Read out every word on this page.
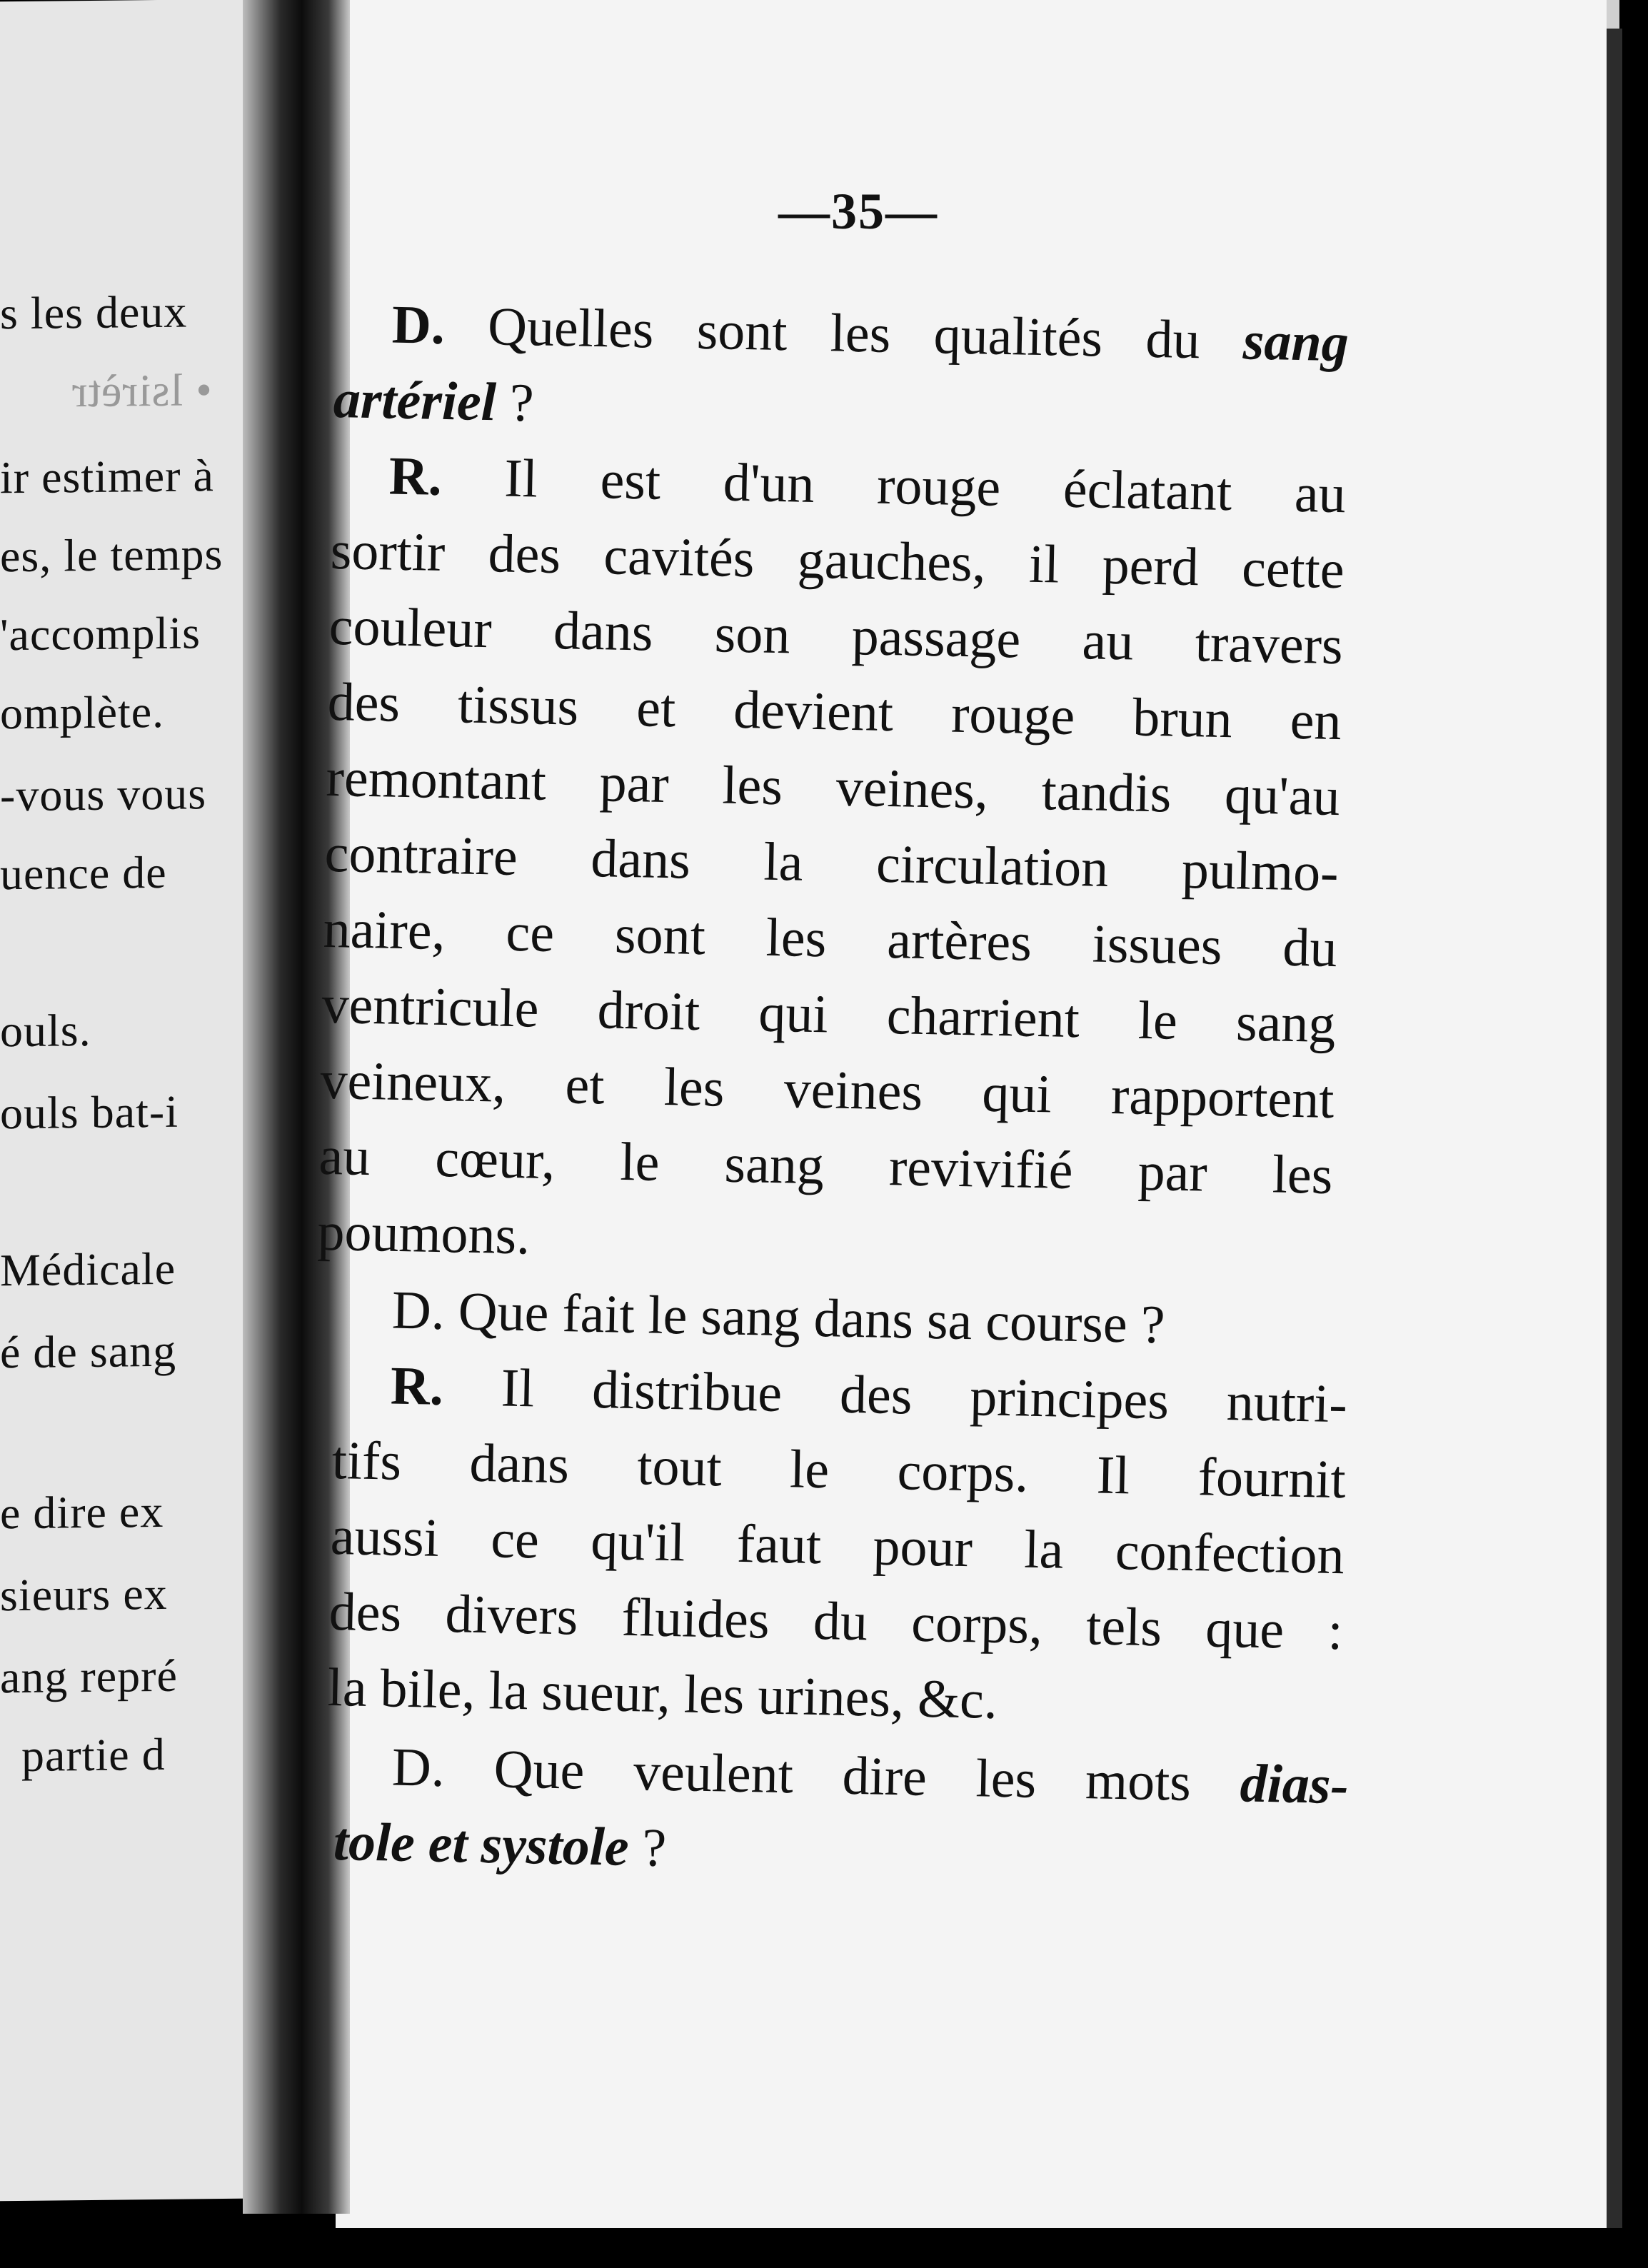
s les deux
• lsirètr
ir estimer à
es, le temps
'accomplis
omplète.
-vous vous
uence de
ouls.
ouls bat-i
Médicale
é de sang
e dire ex
sieurs ex
ang repré
partie d
—35—
D. Quelles sont les qualités du sang
artériel ?
R. Il est d'un rouge éclatant au
sortir des cavités gauches, il perd cette
couleur dans son passage au travers
des tissus et devient rouge brun en
remontant par les veines, tandis qu'au
contraire dans la circulation pulmo-
naire, ce sont les artères issues du
ventricule droit qui charrient le sang
veineux, et les veines qui rapportent
au cœur, le sang revivifié par les
poumons.
D. Que fait le sang dans sa course ?
R. Il distribue des principes nutri-
tifs dans tout le corps. Il fournit
aussi ce qu'il faut pour la confection
des divers fluides du corps, tels que :
la bile, la sueur, les urines, &c.
D. Que veulent dire les mots dias-
tole et systole ?
